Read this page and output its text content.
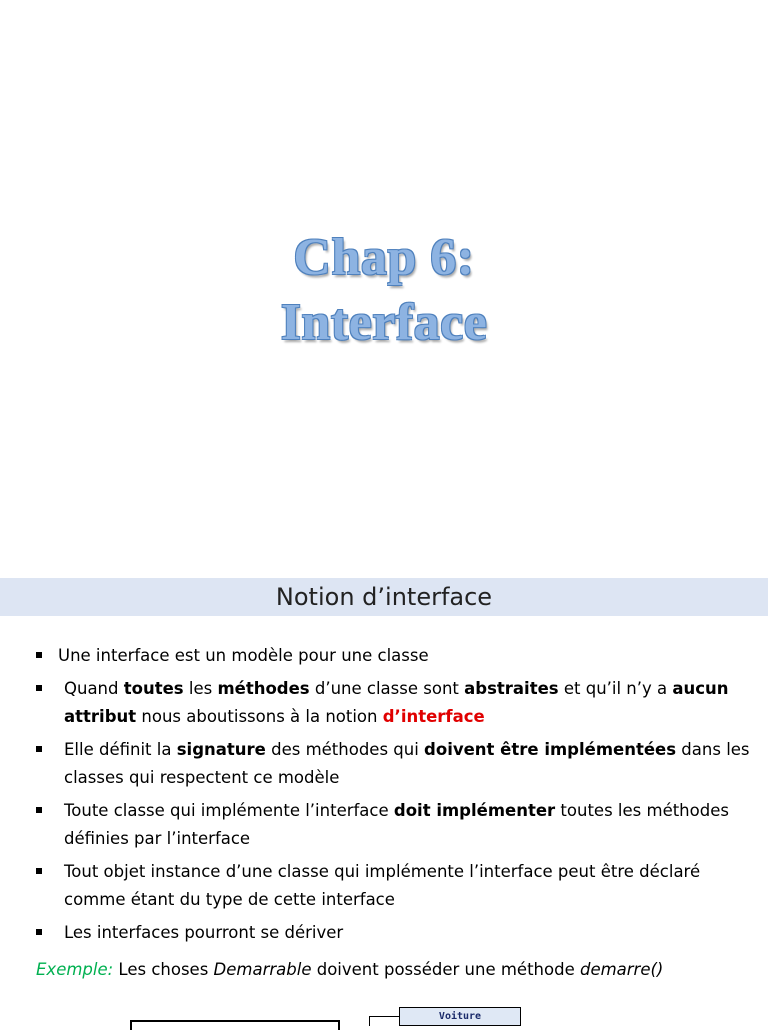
Chap 6:
Interface
Notion d’interface
Une interface est un modèle pour une classe
Quand toutes les méthodes d’une classe sont abstraites et qu’il n’y a aucun attribut nous aboutissons à la notion d’interface
Elle définit la signature des méthodes qui doivent être implémentées dans les classes qui respectent ce modèle
Toute classe qui implémente l’interface doit implémenter toutes les méthodes définies par l’interface
Tout objet instance d’une classe qui implémente l’interface peut être déclaré comme étant du type de cette interface
Les interfaces pourront se dériver
Exemple: Les choses Demarrable doivent posséder une méthode demarre()
Voiture
